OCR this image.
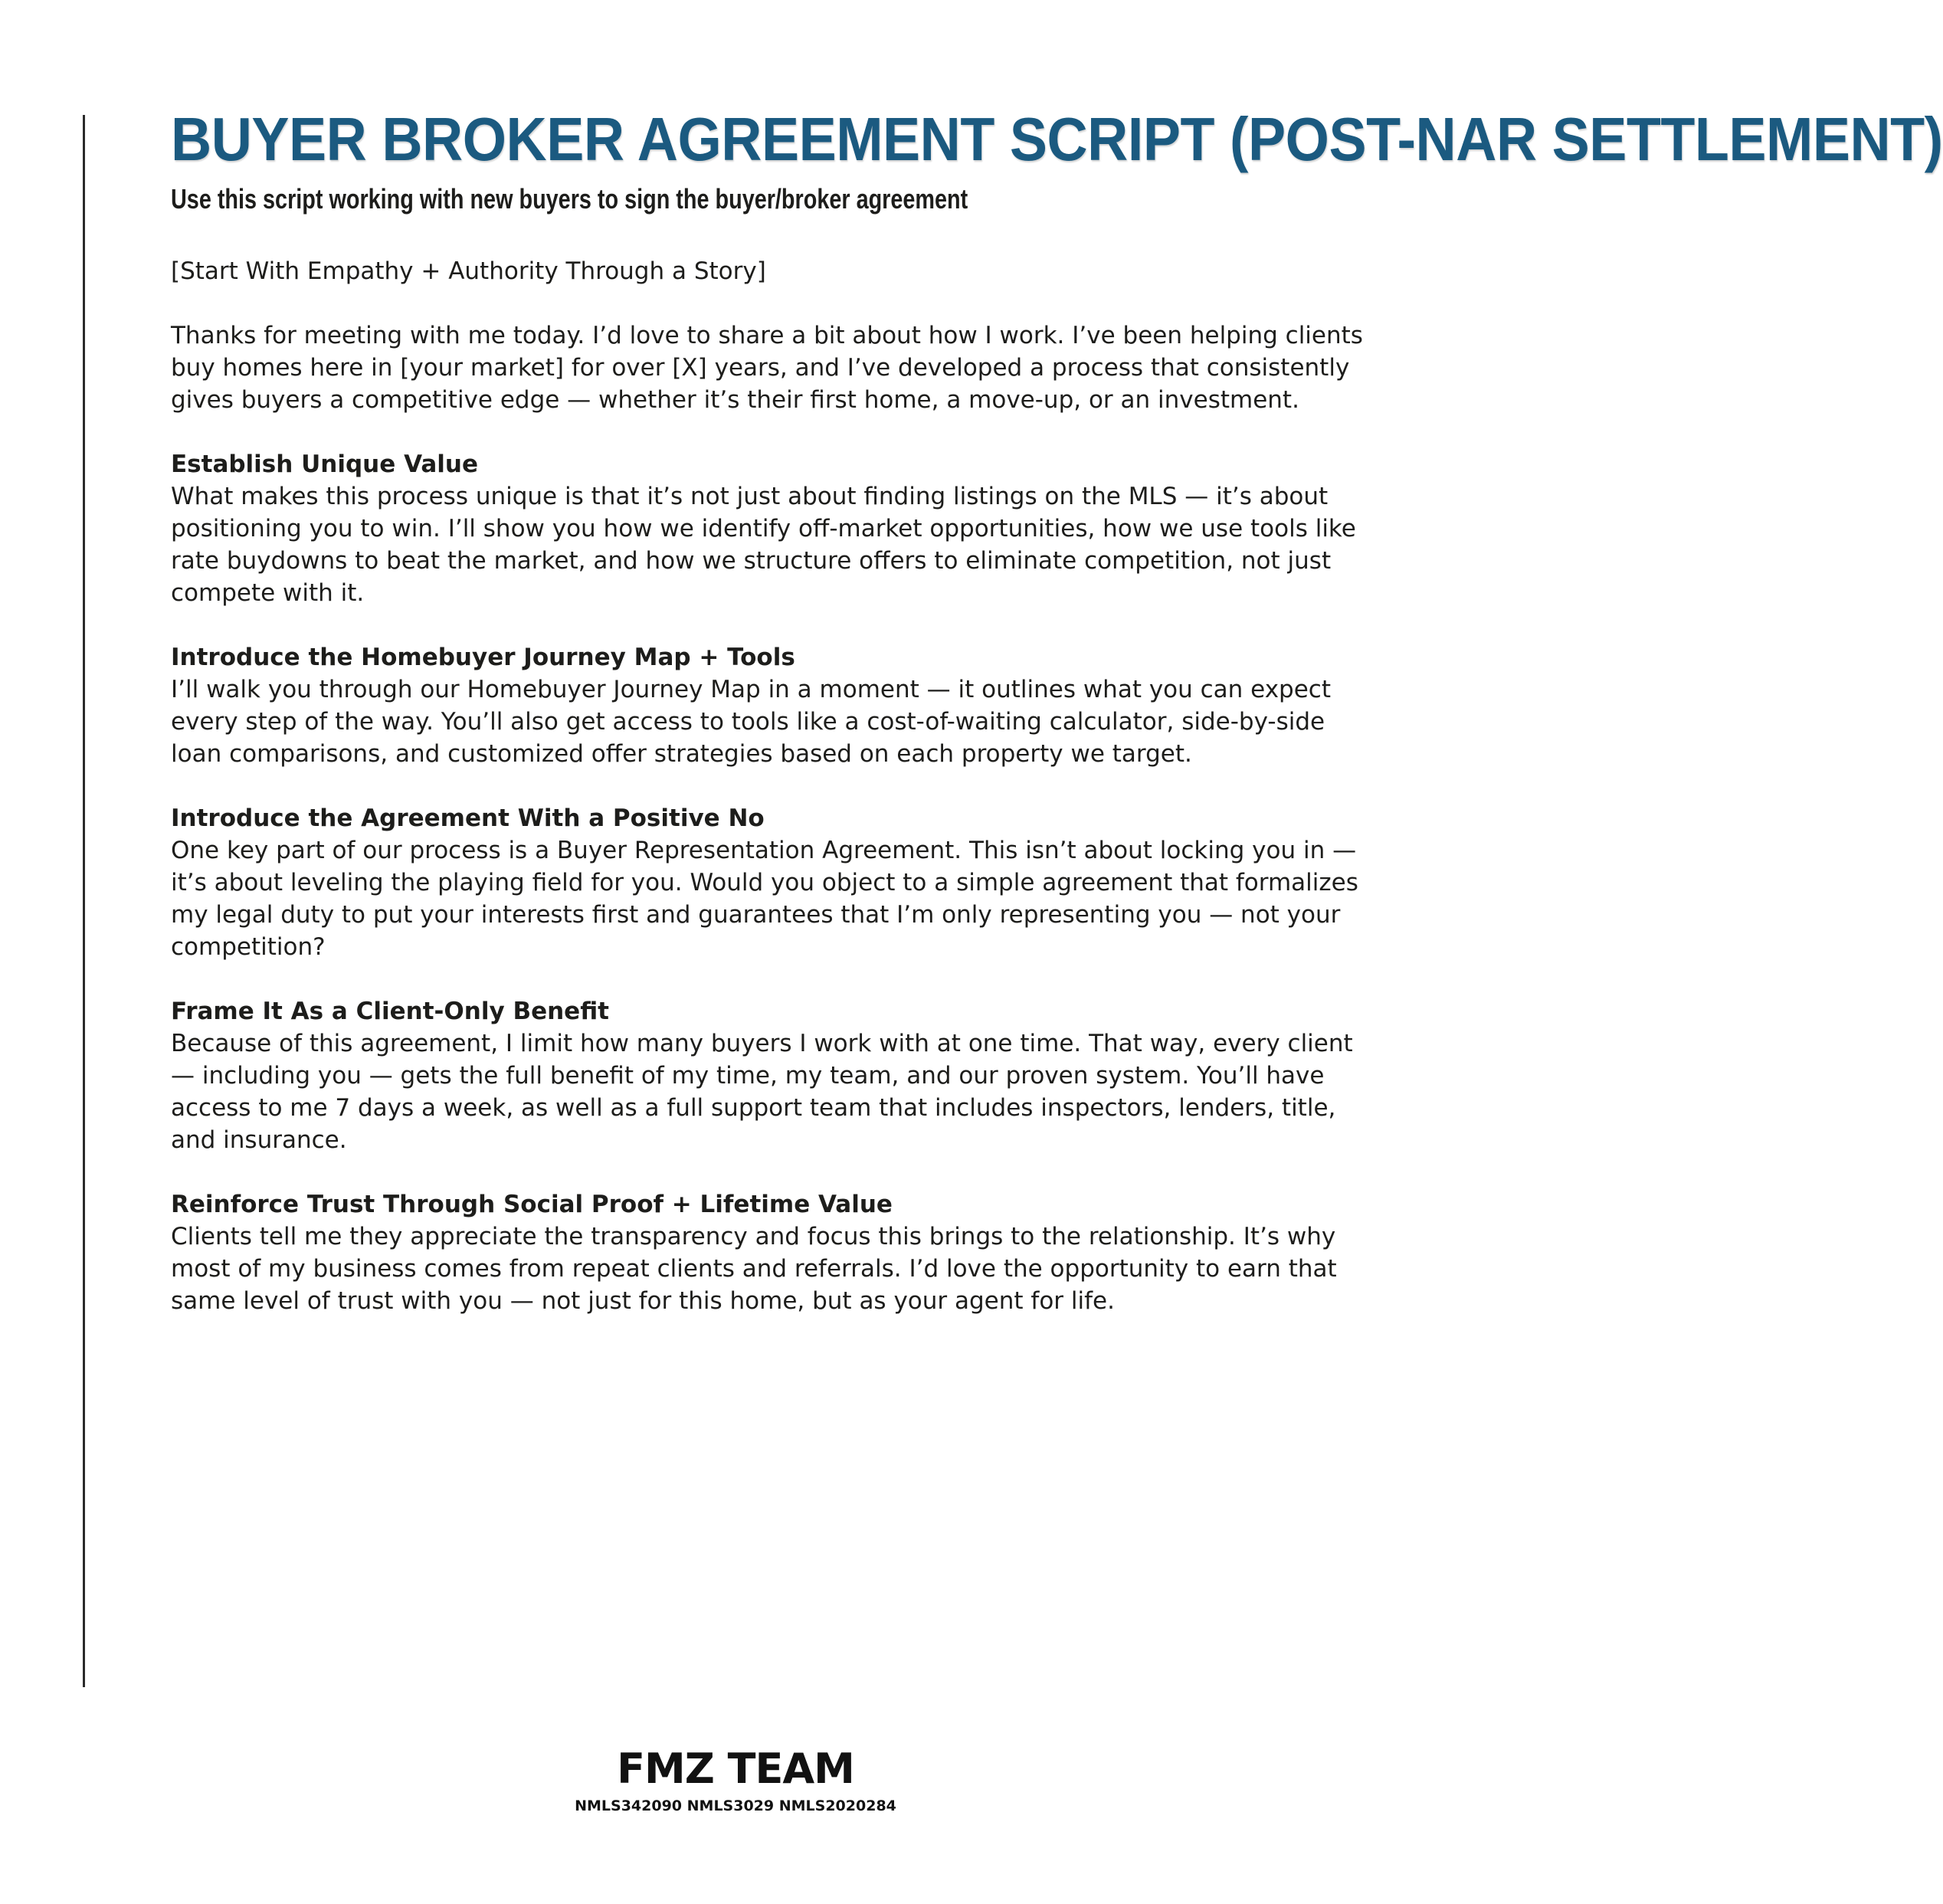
BUYER BROKER AGREEMENT SCRIPT (POST-NAR SETTLEMENT)
Use this script working with new buyers to sign the buyer/broker agreement

[Start With Empathy + Authority Through a Story]

Thanks for meeting with me today. I’d love to share a bit about how I work. I’ve been helping clients buy homes here in [your market] for over [X] years, and I’ve developed a process that consistently gives buyers a competitive edge — whether it’s their first home, a move-up, or an investment.

Establish Unique Value

What makes this process unique is that it’s not just about finding listings on the MLS — it’s about positioning you to win. I’ll show you how we identify off-market opportunities, how we use tools like rate buydowns to beat the market, and how we structure offers to eliminate competition, not just compete with it.

Introduce the Homebuyer Journey Map + Tools

I’ll walk you through our Homebuyer Journey Map in a moment — it outlines what you can expect every step of the way. You’ll also get access to tools like a cost-of-waiting calculator, side-by-side loan comparisons, and customized offer strategies based on each property we target.

Introduce the Agreement With a Positive No

One key part of our process is a Buyer Representation Agreement. This isn’t about locking you in — it’s about leveling the playing field for you. Would you object to a simple agreement that formalizes my legal duty to put your interests first and guarantees that I’m only representing you — not your competition?

Frame It As a Client-Only Benefit

Because of this agreement, I limit how many buyers I work with at one time. That way, every client — including you — gets the full benefit of my time, my team, and our proven system. You’ll have access to me 7 days a week, as well as a full support team that includes inspectors, lenders, title, and insurance.

Reinforce Trust Through Social Proof + Lifetime Value

Clients tell me they appreciate the transparency and focus this brings to the relationship. It’s why most of my business comes from repeat clients and referrals. I’d love the opportunity to earn that same level of trust with you — not just for this home, but as your agent for life.

FMZ TEAM
NMLS342090 NMLS3029 NMLS2020284
